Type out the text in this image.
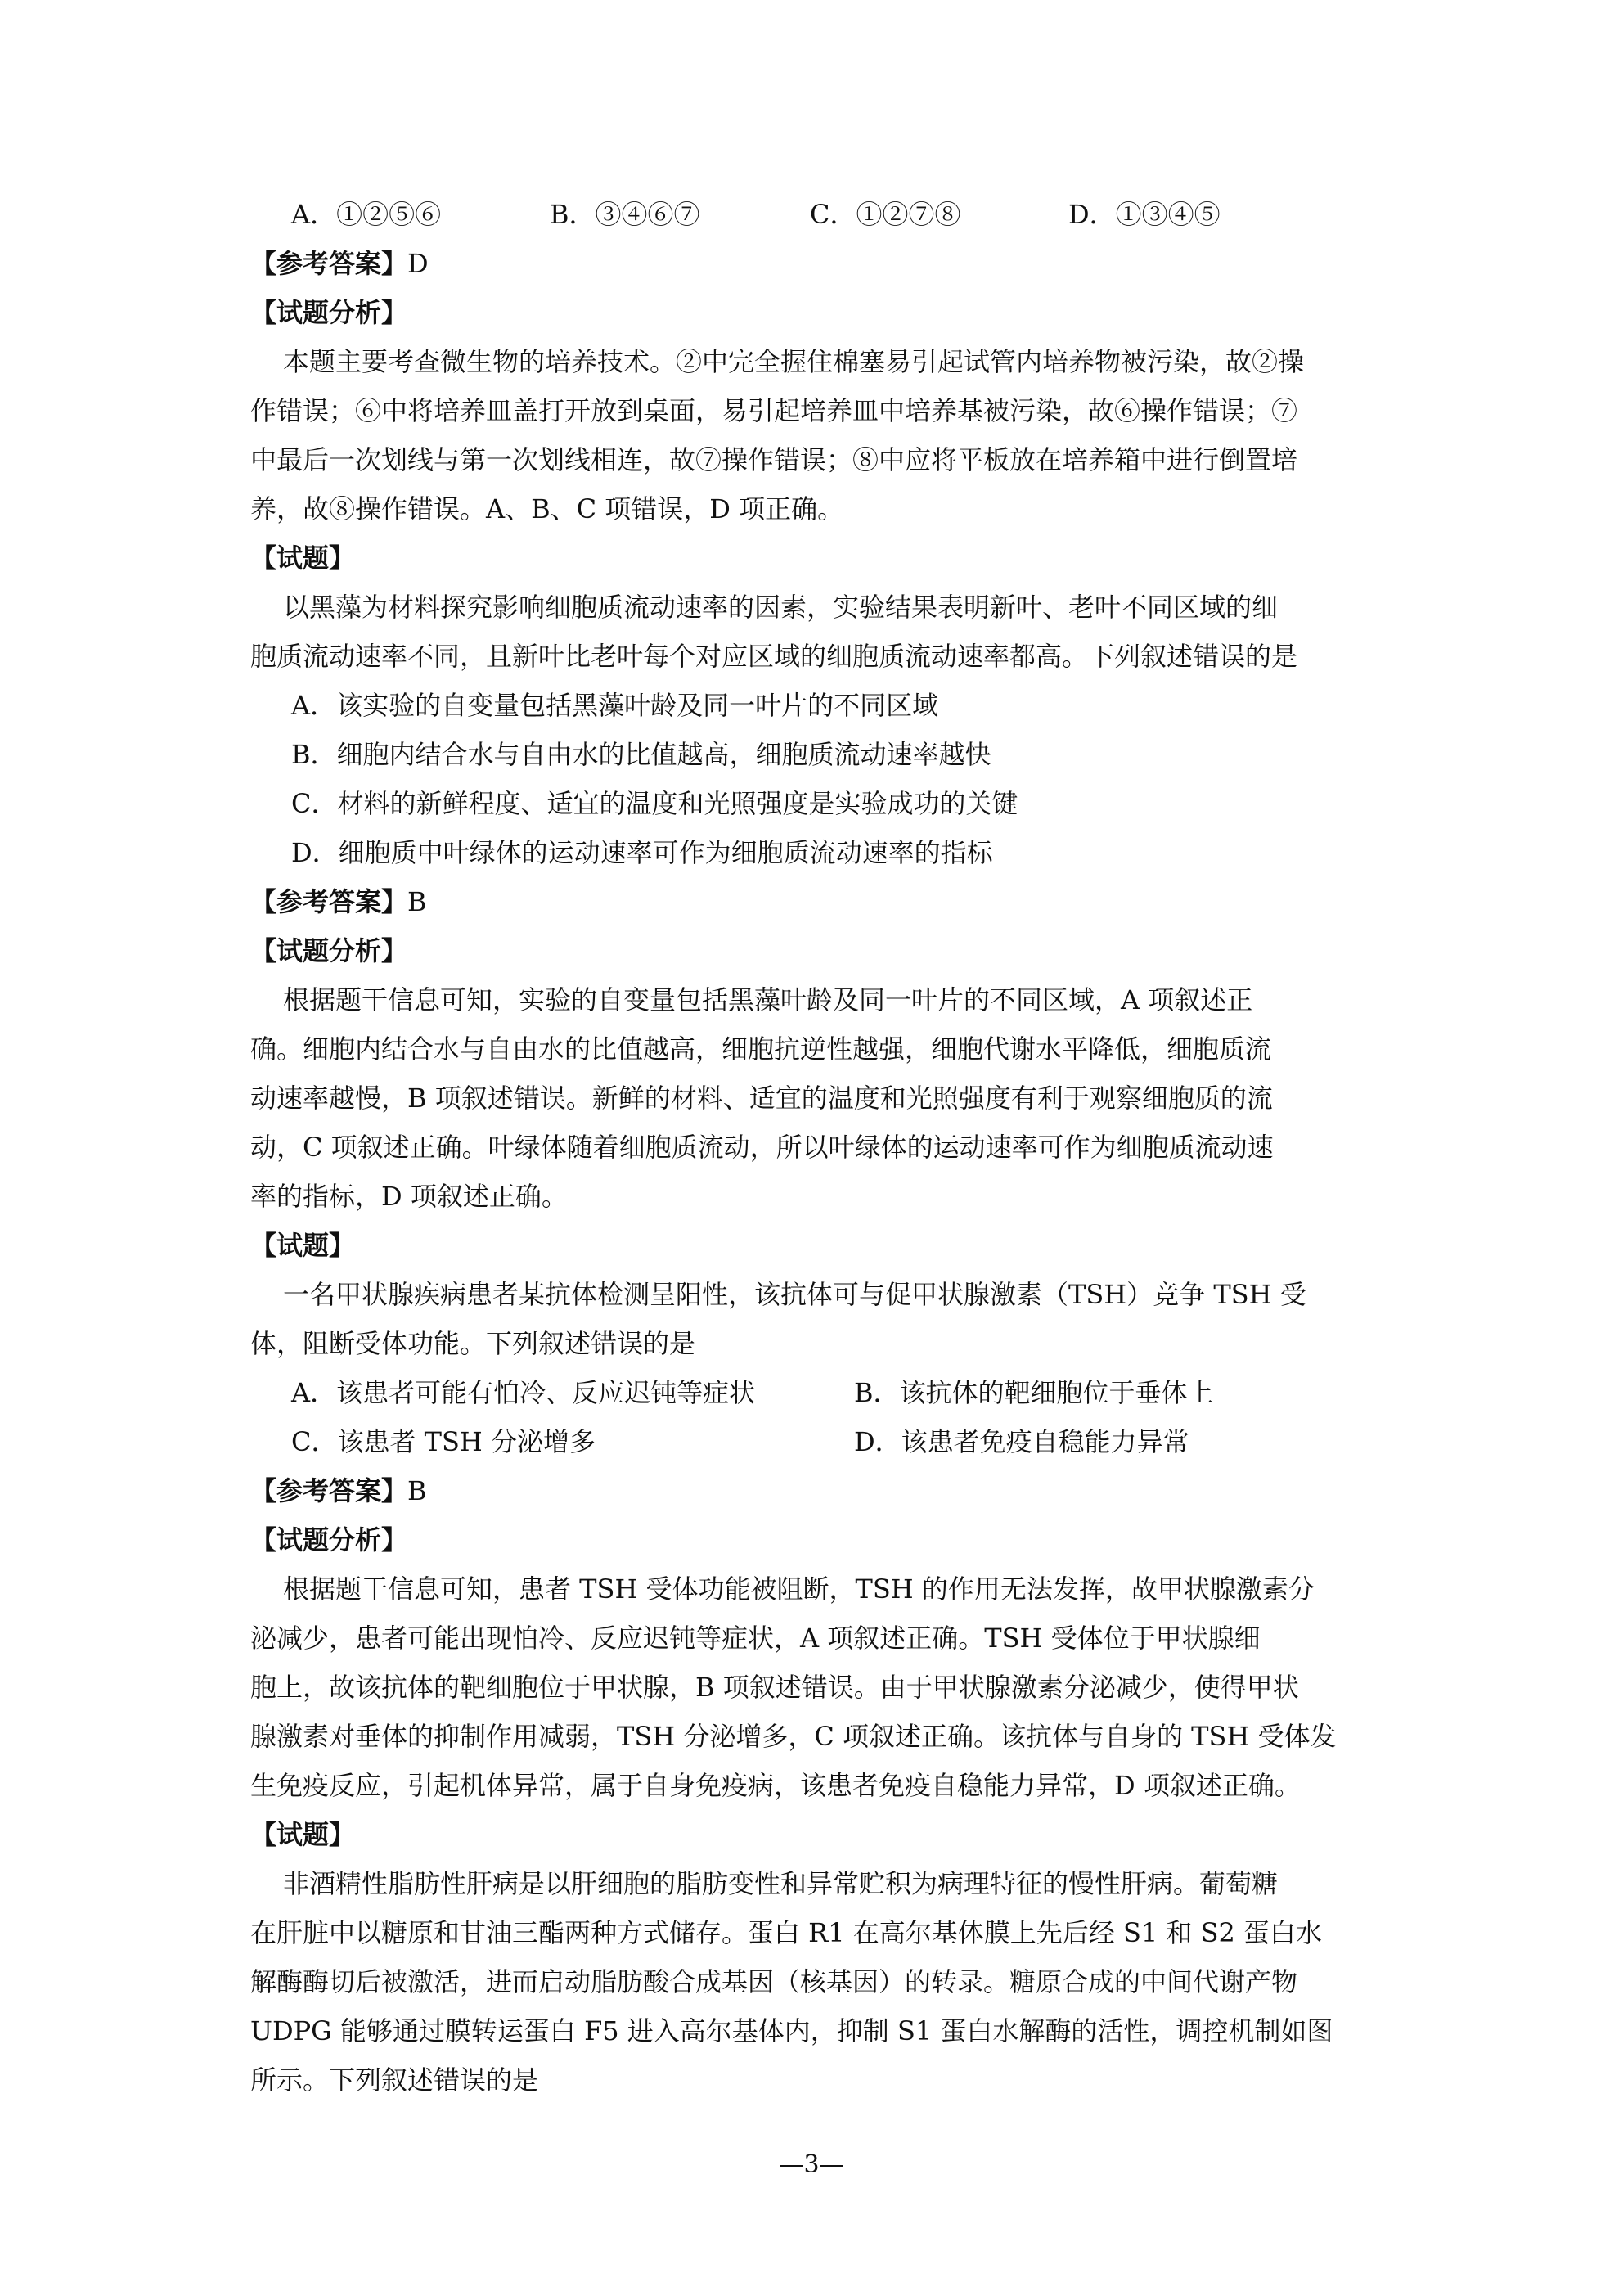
A．①②⑤⑥	B．③④⑥⑦	C．①②⑦⑧	D．①③④⑤

【参考答案】D

【试题分析】

本题主要考查微生物的培养技术。②中完全握住棉塞易引起试管内培养物被污染，故②操

作错误；⑥中将培养皿盖打开放到桌面，易引起培养皿中培养基被污染，故⑥操作错误；⑦

中最后一次划线与第一次划线相连，故⑦操作错误；⑧中应将平板放在培养箱中进行倒置培

养，故⑧操作错误。A、B、C 项错误，D 项正确。

【试题】

以黑藻为材料探究影响细胞质流动速率的因素，实验结果表明新叶、老叶不同区域的细

胞质流动速率不同，且新叶比老叶每个对应区域的细胞质流动速率都高。下列叙述错误的是

A．该实验的自变量包括黑藻叶龄及同一叶片的不同区域

B．细胞内结合水与自由水的比值越高，细胞质流动速率越快

C．材料的新鲜程度、适宜的温度和光照强度是实验成功的关键

D．细胞质中叶绿体的运动速率可作为细胞质流动速率的指标

【参考答案】B

【试题分析】

根据题干信息可知，实验的自变量包括黑藻叶龄及同一叶片的不同区域，A 项叙述正

确。细胞内结合水与自由水的比值越高，细胞抗逆性越强，细胞代谢水平降低，细胞质流

动速率越慢，B 项叙述错误。新鲜的材料、适宜的温度和光照强度有利于观察细胞质的流

动，C 项叙述正确。叶绿体随着细胞质流动，所以叶绿体的运动速率可作为细胞质流动速

率的指标，D 项叙述正确。

【试题】

一名甲状腺疾病患者某抗体检测呈阳性，该抗体可与促甲状腺激素（TSH）竞争 TSH 受

体，阻断受体功能。下列叙述错误的是

A．该患者可能有怕冷、反应迟钝等症状	B．该抗体的靶细胞位于垂体上
C．该患者 TSH 分泌增多	D．该患者免疫自稳能力异常

【参考答案】B

【试题分析】

根据题干信息可知，患者 TSH 受体功能被阻断，TSH 的作用无法发挥，故甲状腺激素分

泌减少，患者可能出现怕冷、反应迟钝等症状，A 项叙述正确。TSH 受体位于甲状腺细

胞上，故该抗体的靶细胞位于甲状腺，B 项叙述错误。由于甲状腺激素分泌减少，使得甲状

腺激素对垂体的抑制作用减弱，TSH 分泌增多，C 项叙述正确。该抗体与自身的 TSH 受体发

生免疫反应，引起机体异常，属于自身免疫病，该患者免疫自稳能力异常，D 项叙述正确。

【试题】

非酒精性脂肪性肝病是以肝细胞的脂肪变性和异常贮积为病理特征的慢性肝病。葡萄糖

在肝脏中以糖原和甘油三酯两种方式储存。蛋白 R1 在高尔基体膜上先后经 S1 和 S2 蛋白水

解酶酶切后被激活，进而启动脂肪酸合成基因（核基因）的转录。糖原合成的中间代谢产物

UDPG 能够通过膜转运蛋白 F5 进入高尔基体内，抑制 S1 蛋白水解酶的活性，调控机制如图

所示。下列叙述错误的是

—3—
